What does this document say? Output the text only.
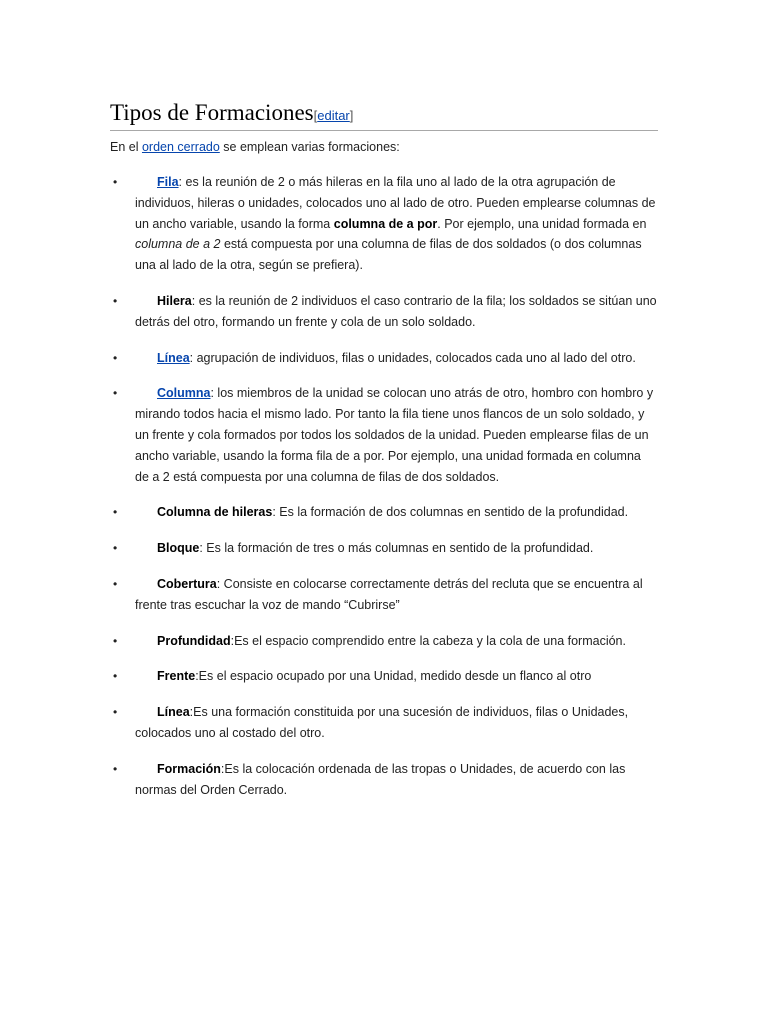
Tipos de Formaciones[editar]

En el orden cerrado se emplean varias formaciones:

•	Fila: es la reunión de 2 o más hileras en la fila uno al lado de la otra agrupación de individuos, hileras o unidades, colocados uno al lado de otro. Pueden emplearse columnas de un ancho variable, usando la forma columna de a por. Por ejemplo, una unidad formada en columna de a 2 está compuesta por una columna de filas de dos soldados (o dos columnas una al lado de la otra, según se prefiera).
•	Hilera: es la reunión de 2 individuos el caso contrario de la fila; los soldados se sitúan uno detrás del otro, formando un frente y cola de un solo soldado.
•	Línea: agrupación de individuos, filas o unidades, colocados cada uno al lado del otro.
•	Columna: los miembros de la unidad se colocan uno atrás de otro, hombro con hombro y mirando todos hacia el mismo lado. Por tanto la fila tiene unos flancos de un solo soldado, y un frente y cola formados por todos los soldados de la unidad. Pueden emplearse filas de un ancho variable, usando la forma fila de a por. Por ejemplo, una unidad formada en columna de a 2 está compuesta por una columna de filas de dos soldados.
•	Columna de hileras: Es la formación de dos columnas en sentido de la profundidad.
•	Bloque: Es la formación de tres o más columnas en sentido de la profundidad.
•	Cobertura: Consiste en colocarse correctamente detrás del recluta que se encuentra al frente tras escuchar la voz de mando “Cubrirse”
•	Profundidad:Es el espacio comprendido entre la cabeza y la cola de una formación.
•	Frente:Es el espacio ocupado por una Unidad, medido desde un flanco al otro
•	Línea:Es una formación constituida por una sucesión de individuos, filas o Unidades, colocados uno al costado del otro.
•	Formación:Es la colocación ordenada de las tropas o Unidades, de acuerdo con las normas del Orden Cerrado.
